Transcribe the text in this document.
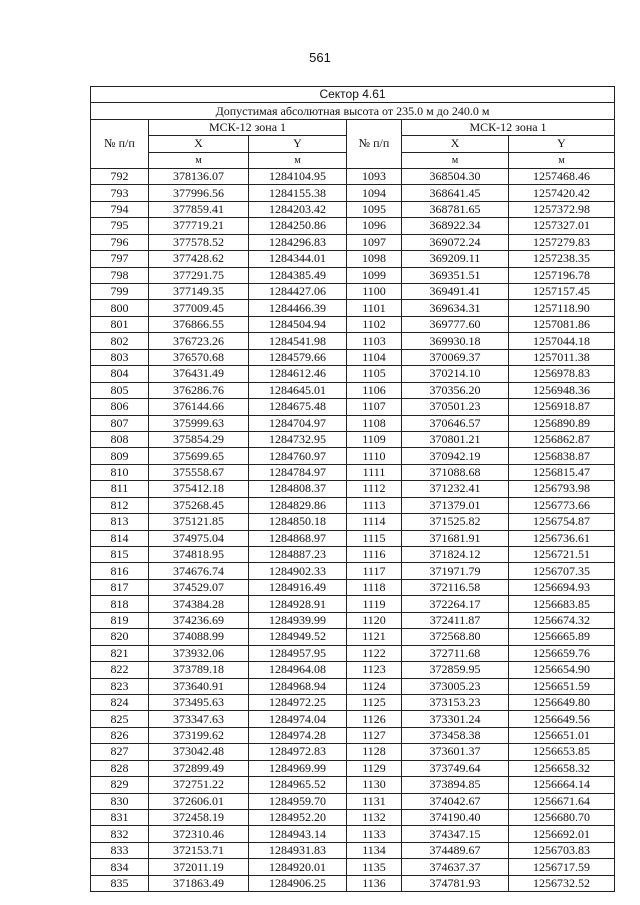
561
Сектор 4.61					
Допустимая абсолютная высота от 235.0 м до 240.0 м					
№ п/п	МСК-12 зона 1		№ п/п	МСК-12 зона 1	
	X	Y		X	Y
	м	м		м	м
792	378136.07	1284104.95	1093	368504.30	1257468.46
793	377996.56	1284155.38	1094	368641.45	1257420.42
794	377859.41	1284203.42	1095	368781.65	1257372.98
795	377719.21	1284250.86	1096	368922.34	1257327.01
796	377578.52	1284296.83	1097	369072.24	1257279.83
797	377428.62	1284344.01	1098	369209.11	1257238.35
798	377291.75	1284385.49	1099	369351.51	1257196.78
799	377149.35	1284427.06	1100	369491.41	1257157.45
800	377009.45	1284466.39	1101	369634.31	1257118.90
801	376866.55	1284504.94	1102	369777.60	1257081.86
802	376723.26	1284541.98	1103	369930.18	1257044.18
803	376570.68	1284579.66	1104	370069.37	1257011.38
804	376431.49	1284612.46	1105	370214.10	1256978.83
805	376286.76	1284645.01	1106	370356.20	1256948.36
806	376144.66	1284675.48	1107	370501.23	1256918.87
807	375999.63	1284704.97	1108	370646.57	1256890.89
808	375854.29	1284732.95	1109	370801.21	1256862.87
809	375699.65	1284760.97	1110	370942.19	1256838.87
810	375558.67	1284784.97	1111	371088.68	1256815.47
811	375412.18	1284808.37	1112	371232.41	1256793.98
812	375268.45	1284829.86	1113	371379.01	1256773.66
813	375121.85	1284850.18	1114	371525.82	1256754.87
814	374975.04	1284868.97	1115	371681.91	1256736.61
815	374818.95	1284887.23	1116	371824.12	1256721.51
816	374676.74	1284902.33	1117	371971.79	1256707.35
817	374529.07	1284916.49	1118	372116.58	1256694.93
818	374384.28	1284928.91	1119	372264.17	1256683.85
819	374236.69	1284939.99	1120	372411.87	1256674.32
820	374088.99	1284949.52	1121	372568.80	1256665.89
821	373932.06	1284957.95	1122	372711.68	1256659.76
822	373789.18	1284964.08	1123	372859.95	1256654.90
823	373640.91	1284968.94	1124	373005.23	1256651.59
824	373495.63	1284972.25	1125	373153.23	1256649.80
825	373347.63	1284974.04	1126	373301.24	1256649.56
826	373199.62	1284974.28	1127	373458.38	1256651.01
827	373042.48	1284972.83	1128	373601.37	1256653.85
828	372899.49	1284969.99	1129	373749.64	1256658.32
829	372751.22	1284965.52	1130	373894.85	1256664.14
830	372606.01	1284959.70	1131	374042.67	1256671.64
831	372458.19	1284952.20	1132	374190.40	1256680.70
832	372310.46	1284943.14	1133	374347.15	1256692.01
833	372153.71	1284931.83	1134	374489.67	1256703.83
834	372011.19	1284920.01	1135	374637.37	1256717.59
835	371863.49	1284906.25	1136	374781.93	1256732.52
